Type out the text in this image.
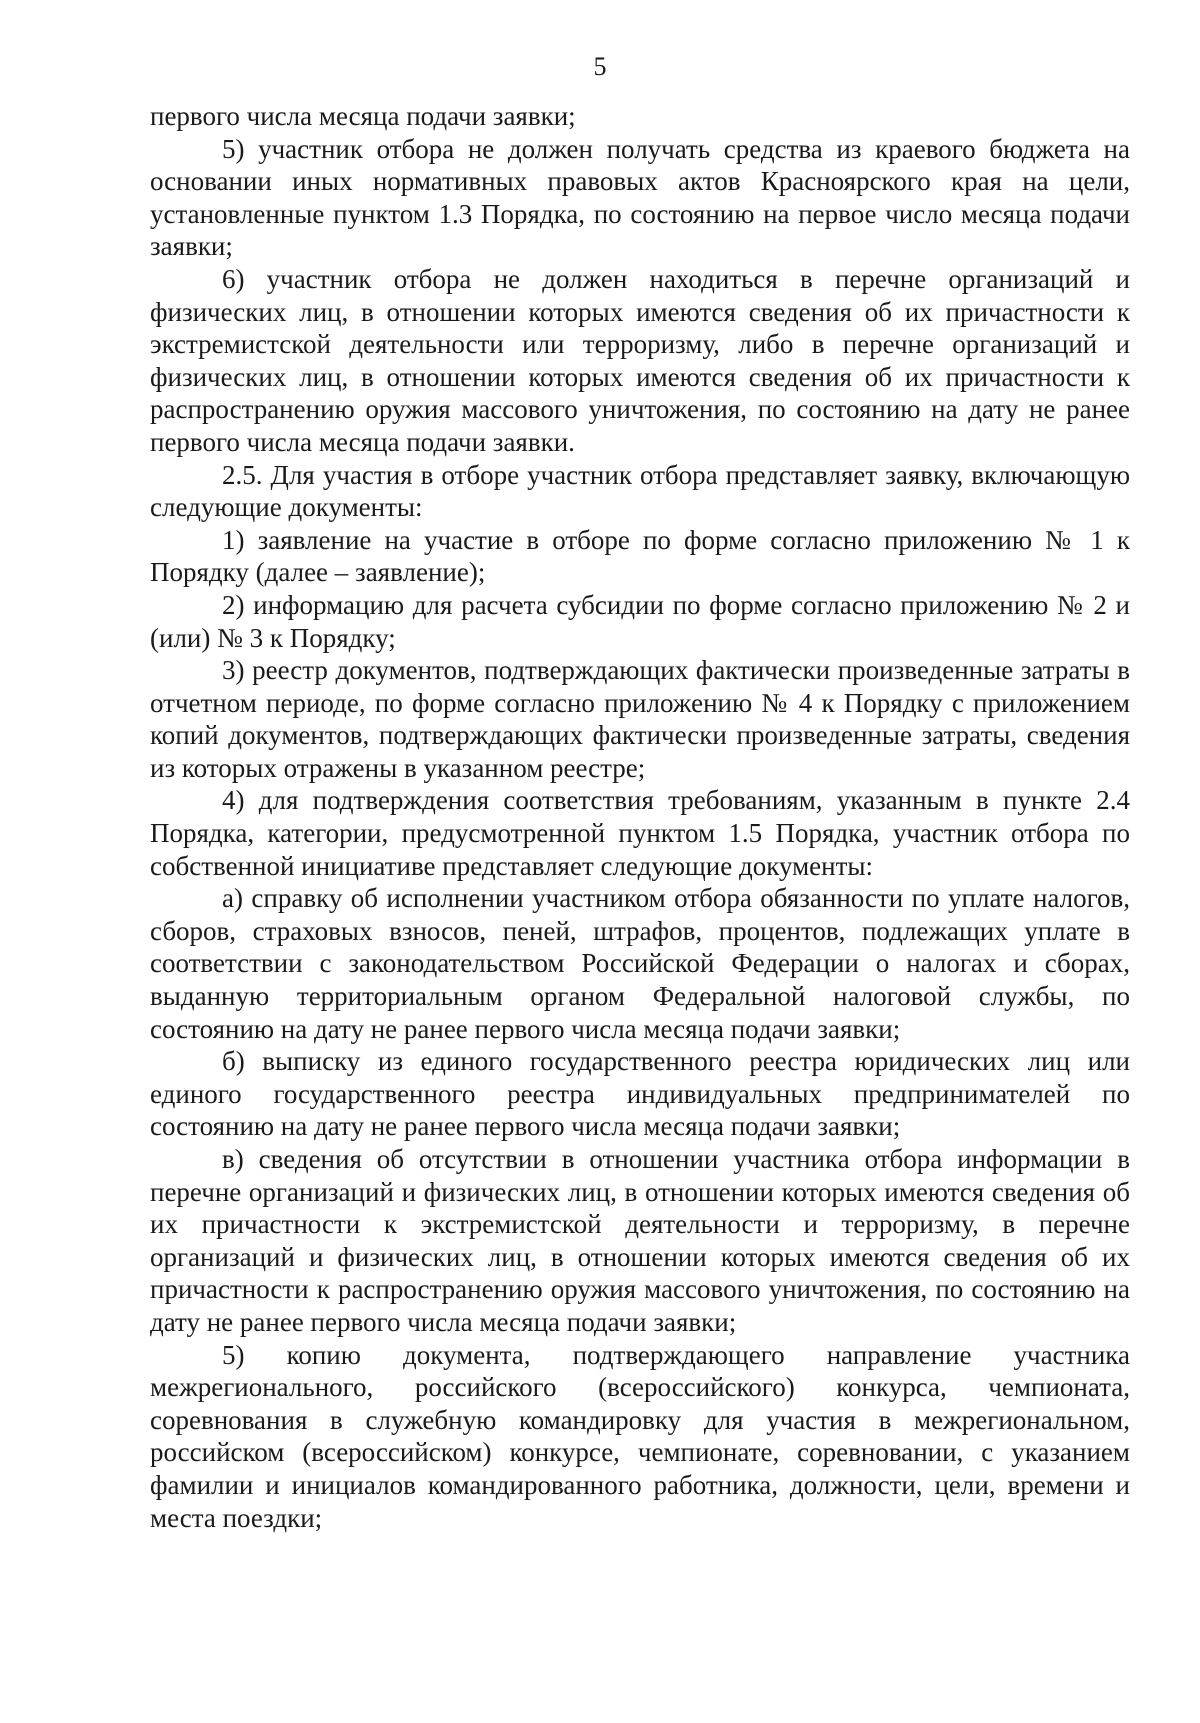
5

первого числа месяца подачи заявки;

5) участник отбора не должен получать средства из краевого бюджета на основании иных нормативных правовых актов Красноярского края на цели, установленные пунктом 1.3 Порядка, по состоянию на первое число месяца подачи заявки;

6) участник отбора не должен находиться в перечне организаций и физических лиц, в отношении которых имеются сведения об их причастности к экстремистской деятельности или терроризму, либо в перечне организаций и физических лиц, в отношении которых имеются сведения об их причастности к распространению оружия массового уничтожения, по состоянию на дату не ранее первого числа месяца подачи заявки.

2.5. Для участия в отборе участник отбора представляет заявку, включающую следующие документы:

1) заявление на участие в отборе по форме согласно приложению № 1 к Порядку (далее – заявление);

2) информацию для расчета субсидии по форме согласно приложению № 2 и (или) № 3 к Порядку;

3) реестр документов, подтверждающих фактически произведенные затраты в отчетном периоде, по форме согласно приложению № 4 к Порядку с приложением копий документов, подтверждающих фактически произведенные затраты, сведения из которых отражены в указанном реестре;

4) для подтверждения соответствия требованиям, указанным в пункте 2.4 Порядка, категории, предусмотренной пунктом 1.5 Порядка, участник отбора по собственной инициативе представляет следующие документы:

а) справку об исполнении участником отбора обязанности по уплате налогов, сборов, страховых взносов, пеней, штрафов, процентов, подлежащих уплате в соответствии с законодательством Российской Федерации о налогах и сборах, выданную территориальным органом Федеральной налоговой службы, по состоянию на дату не ранее первого числа месяца подачи заявки;

б) выписку из единого государственного реестра юридических лиц или единого государственного реестра индивидуальных предпринимателей по состоянию на дату не ранее первого числа месяца подачи заявки;

в) сведения об отсутствии в отношении участника отбора информации в перечне организаций и физических лиц, в отношении которых имеются сведения об их причастности к экстремистской деятельности и терроризму, в перечне организаций и физических лиц, в отношении которых имеются сведения об их причастности к распространению оружия массового уничтожения, по состоянию на дату не ранее первого числа месяца подачи заявки;

5) копию документа, подтверждающего направление участника межрегионального, российского (всероссийского) конкурса, чемпионата, соревнования в служебную командировку для участия в межрегиональном, российском (всероссийском) конкурсе, чемпионате, соревновании, с указанием фамилии и инициалов командированного работника, должности, цели, времени и места поездки;
